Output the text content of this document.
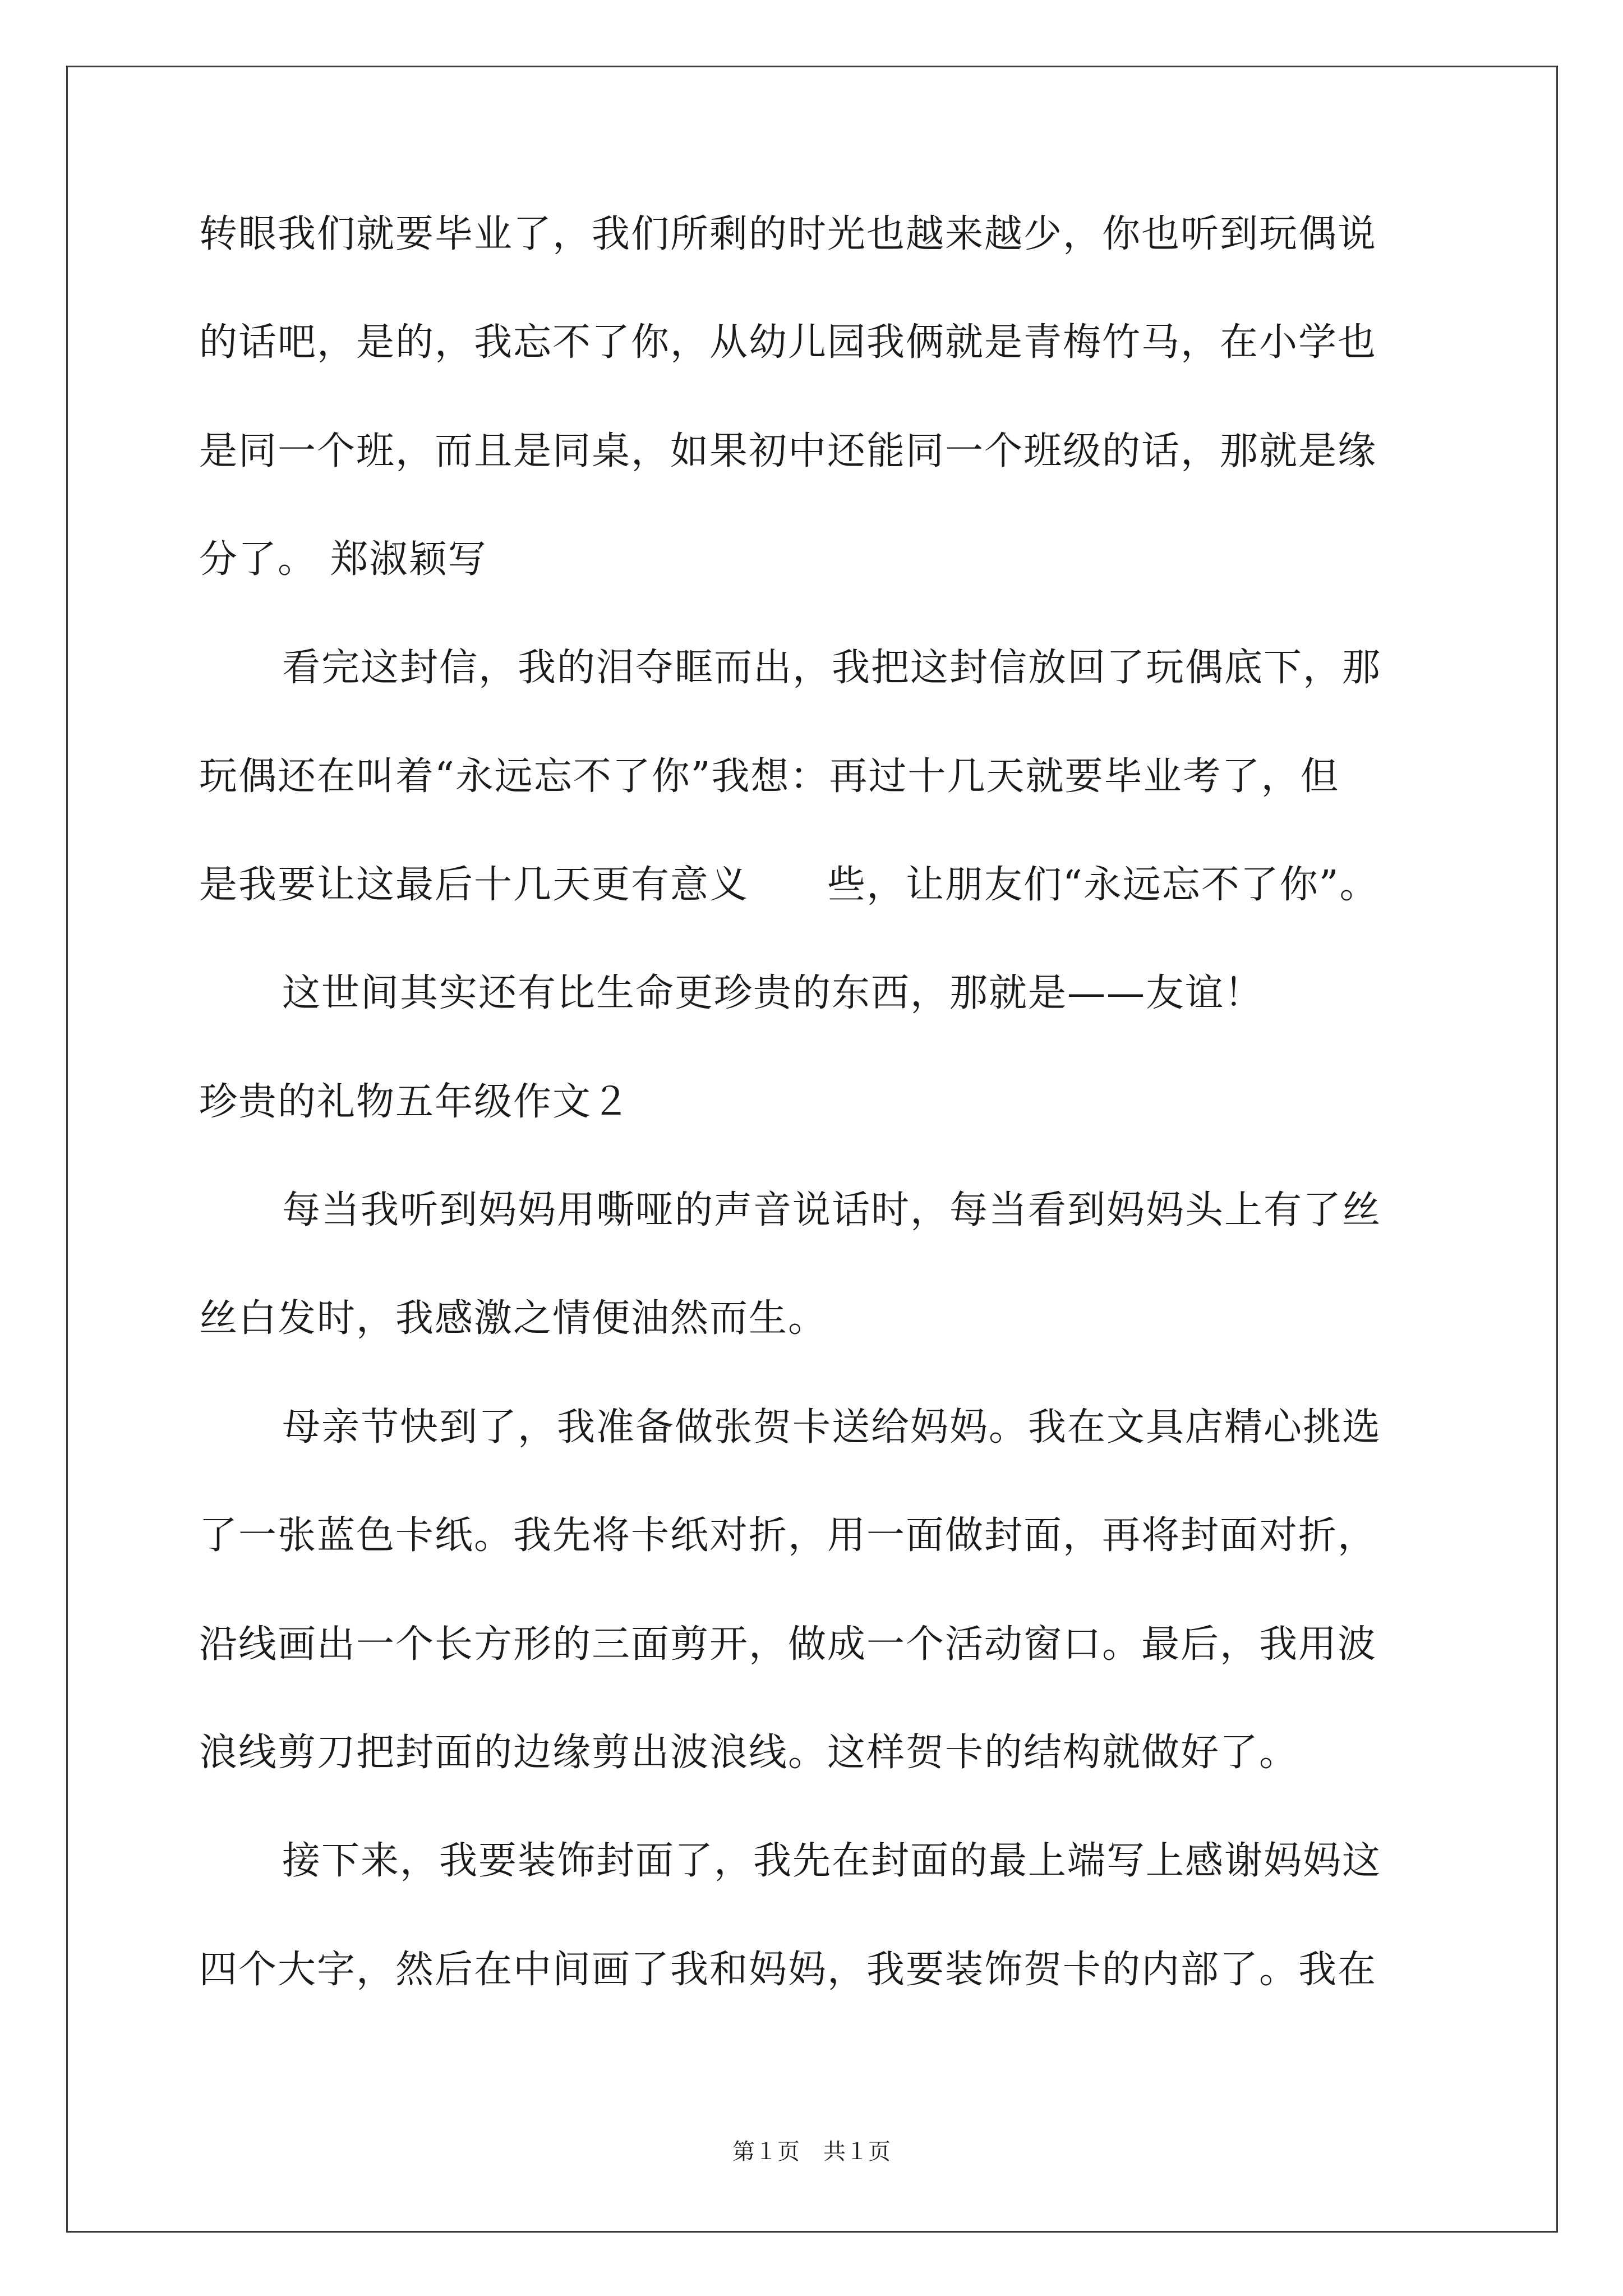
转眼我们就要毕业了，我们所剩的时光也越来越少，你也听到玩偶说
的话吧，是的，我忘不了你，从幼儿园我俩就是青梅竹马，在小学也
是同一个班，而且是同桌，如果初中还能同一个班级的话，那就是缘
分了。 郑淑颖写
看完这封信，我的泪夺眶而出，我把这封信放回了玩偶底下，那
玩偶还在叫着“永远忘不了你”我想：再过十几天就要毕业考了，但
是我要让这最后十几天更有意义　　些，让朋友们“永远忘不了你”。
这世间其实还有比生命更珍贵的东西，那就是——友谊！
珍贵的礼物五年级作文２
每当我听到妈妈用嘶哑的声音说话时，每当看到妈妈头上有了丝
丝白发时，我感激之情便油然而生。
母亲节快到了，我准备做张贺卡送给妈妈。我在文具店精心挑选
了一张蓝色卡纸。我先将卡纸对折，用一面做封面，再将封面对折，
沿线画出一个长方形的三面剪开，做成一个活动窗口。最后，我用波
浪线剪刀把封面的边缘剪出波浪线。这样贺卡的结构就做好了。
接下来，我要装饰封面了，我先在封面的最上端写上感谢妈妈这
四个大字，然后在中间画了我和妈妈，我要装饰贺卡的内部了。我在
第１页 共１页
